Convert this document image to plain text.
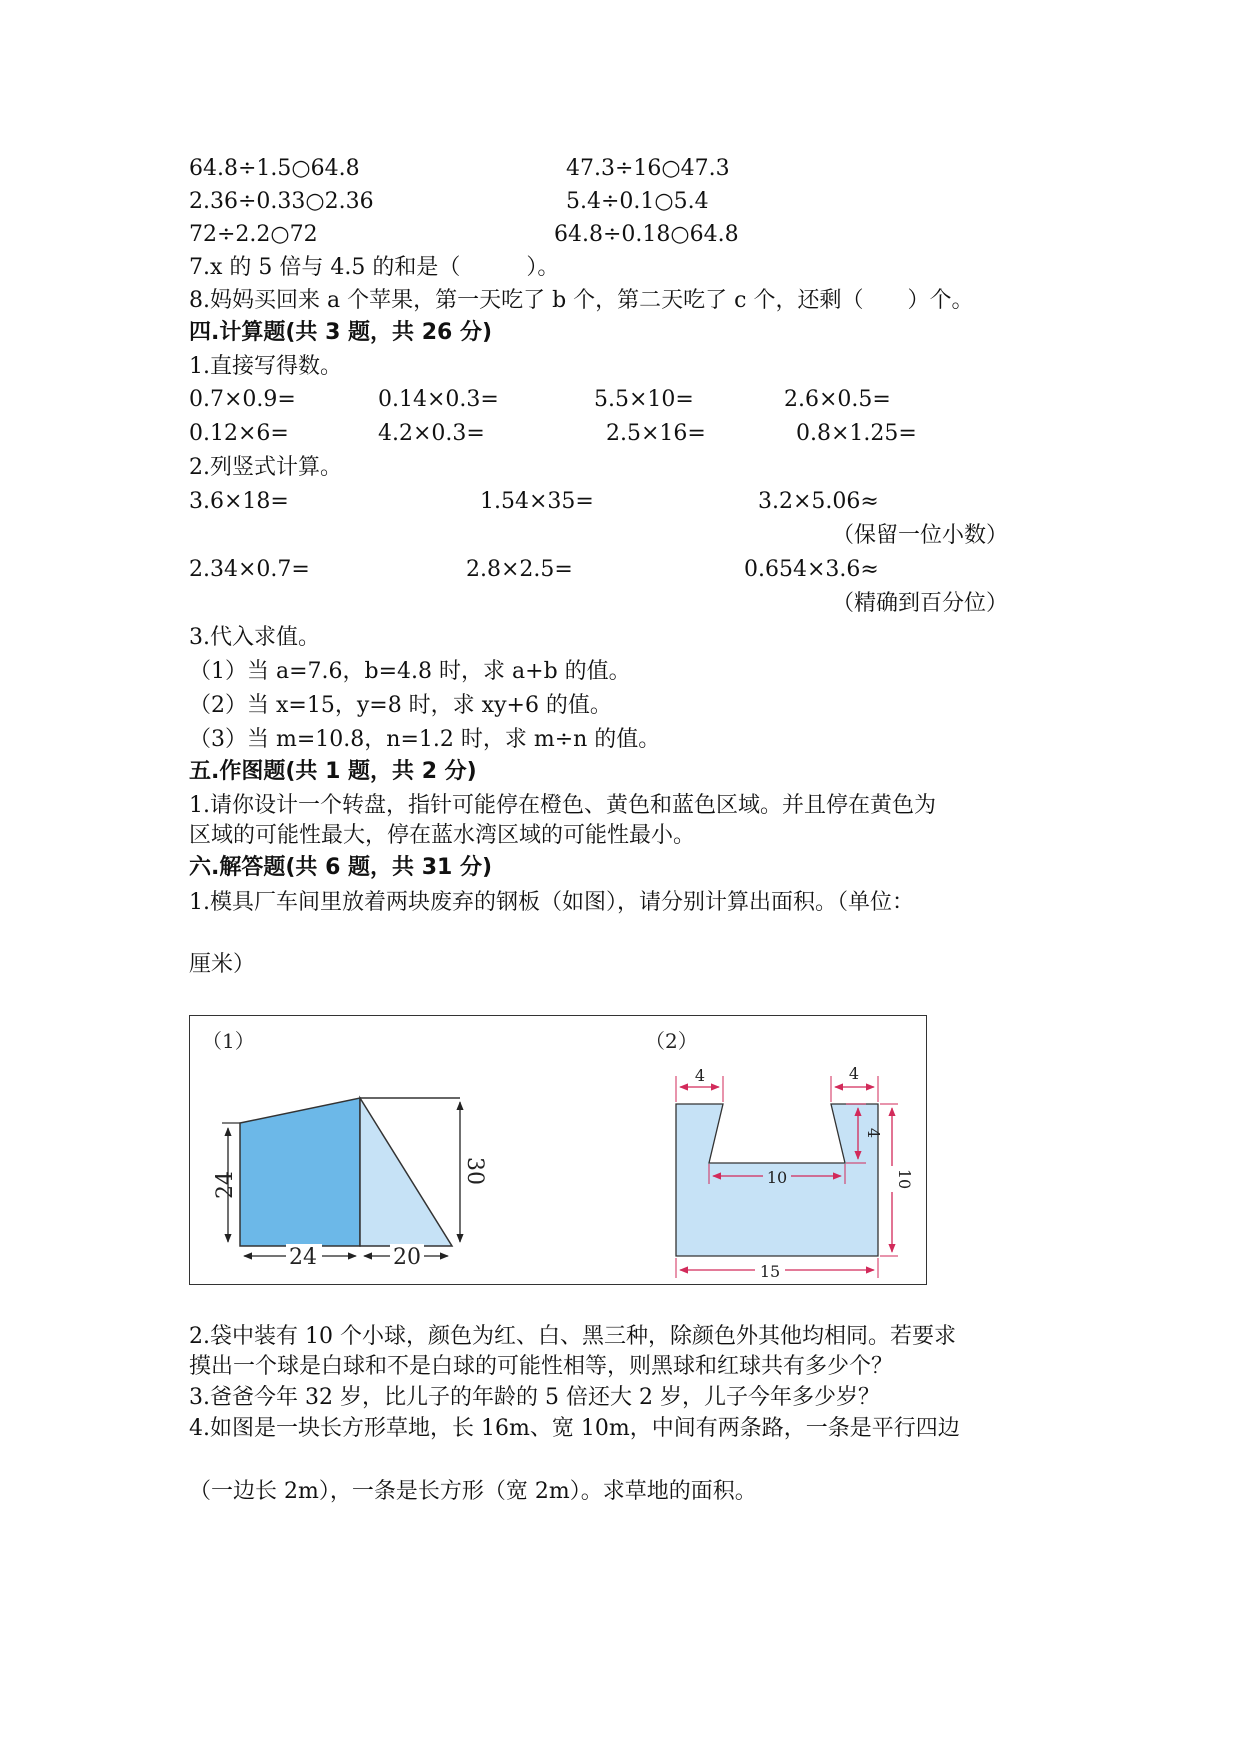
64.8÷1.5○64.8	47.3÷16○47.3
2.36÷0.33○2.36	5.4÷0.1○5.4
72÷2.2○72	64.8÷0.18○64.8
7.x 的 5 倍与 4.5 的和是（　　　）。
8.妈妈买回来 a 个苹果，第一天吃了 b 个，第二天吃了 c 个，还剩（　　）个。
四.计算题(共 3 题，共 26 分)
1.直接写得数。
0.7×0.9=	0.14×0.3=	5.5×10=	2.6×0.5=
0.12×6=	4.2×0.3=	2.5×16=	0.8×1.25=
2.列竖式计算。
3.6×18=	1.54×35=	3.2×5.06≈
（保留一位小数）
2.34×0.7=	2.8×2.5=	0.654×3.6≈
（精确到百分位）
3.代入求值。
（1）当 a=7.6，b=4.8 时，求 a+b 的值。
（2）当 x=15，y=8 时，求 xy+6 的值。
（3）当 m=10.8，n=1.2 时，求 m÷n 的值。
五.作图题(共 1 题，共 2 分)
1.请你设计一个转盘，指针可能停在橙色、黄色和蓝色区域。并且停在黄色为
区域的可能性最大，停在蓝水湾区域的可能性最小。
六.解答题(共 6 题，共 31 分)
1.模具厂车间里放着两块废弃的钢板（如图），请分别计算出面积。（单位：
厘米）
（1）
24	30
24	20
（2）
4	4
4
10	10
15
2.袋中装有 10 个小球，颜色为红、白、黑三种，除颜色外其他均相同。若要求
摸出一个球是白球和不是白球的可能性相等，则黑球和红球共有多少个？
3.爸爸今年 32 岁，比儿子的年龄的 5 倍还大 2 岁，儿子今年多少岁？
4.如图是一块长方形草地，长 16m、宽 10m，中间有两条路，一条是平行四边
（一边长 2m），一条是长方形（宽 2m）。求草地的面积。
